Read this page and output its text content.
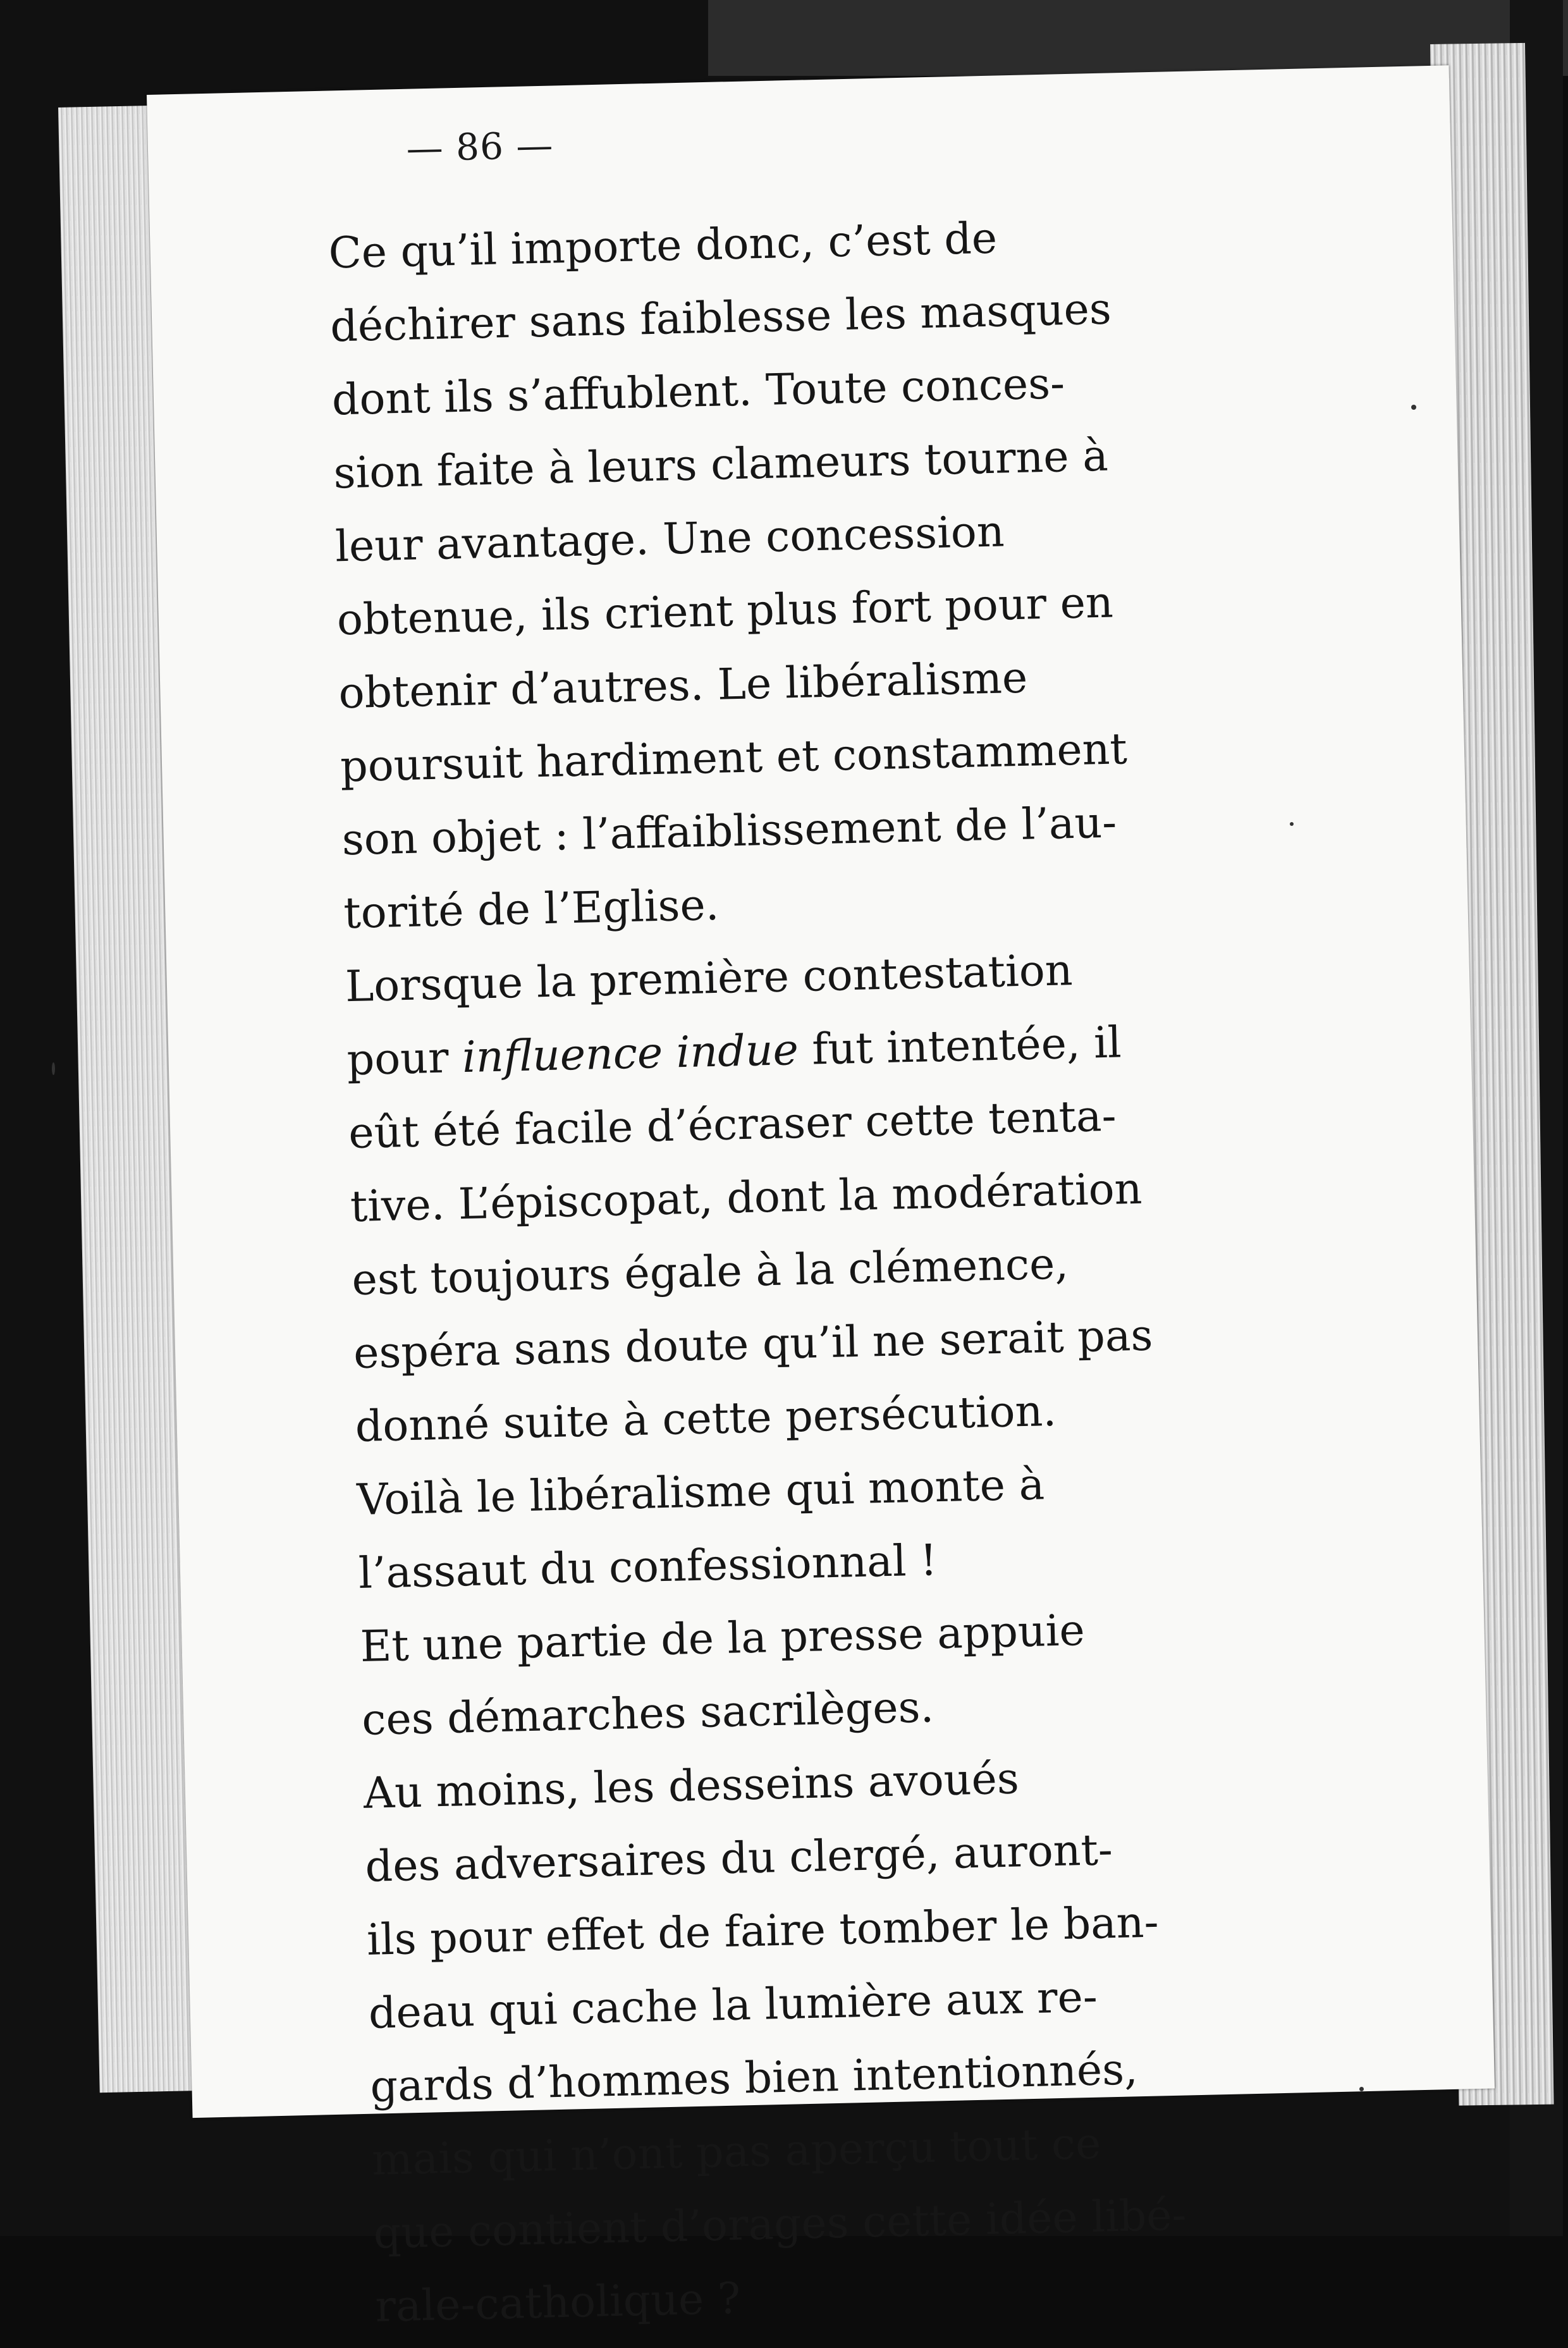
— 86 —

Ce qu’il importe donc, c’est de
déchirer sans faiblesse les masques
dont ils s’affublent. Toute conces-
sion faite à leurs clameurs tourne à
leur avantage. Une concession
obtenue, ils crient plus fort pour en
obtenir d’autres. Le libéralisme
poursuit hardiment et constamment
son objet : l’affaiblissement de l’au-
torité de l’Eglise.

Lorsque la première contestation
pour influence indue fut intentée, il
eût été facile d’écraser cette tenta-
tive. L’épiscopat, dont la modération
est toujours égale à la clémence,
espéra sans doute qu’il ne serait pas
donné suite à cette persécution.

Voilà le libéralisme qui monte à
l’assaut du confessionnal !

Et une partie de la presse appuie
ces démarches sacrilèges.

Au moins, les desseins avoués
des adversaires du clergé, auront-
ils pour effet de faire tomber le ban-
deau qui cache la lumière aux re-
gards d’hommes bien intentionnés,
mais qui n’ont pas aperçu tout ce
que contient d’orages cette idée libé-
rale-catholique ?
